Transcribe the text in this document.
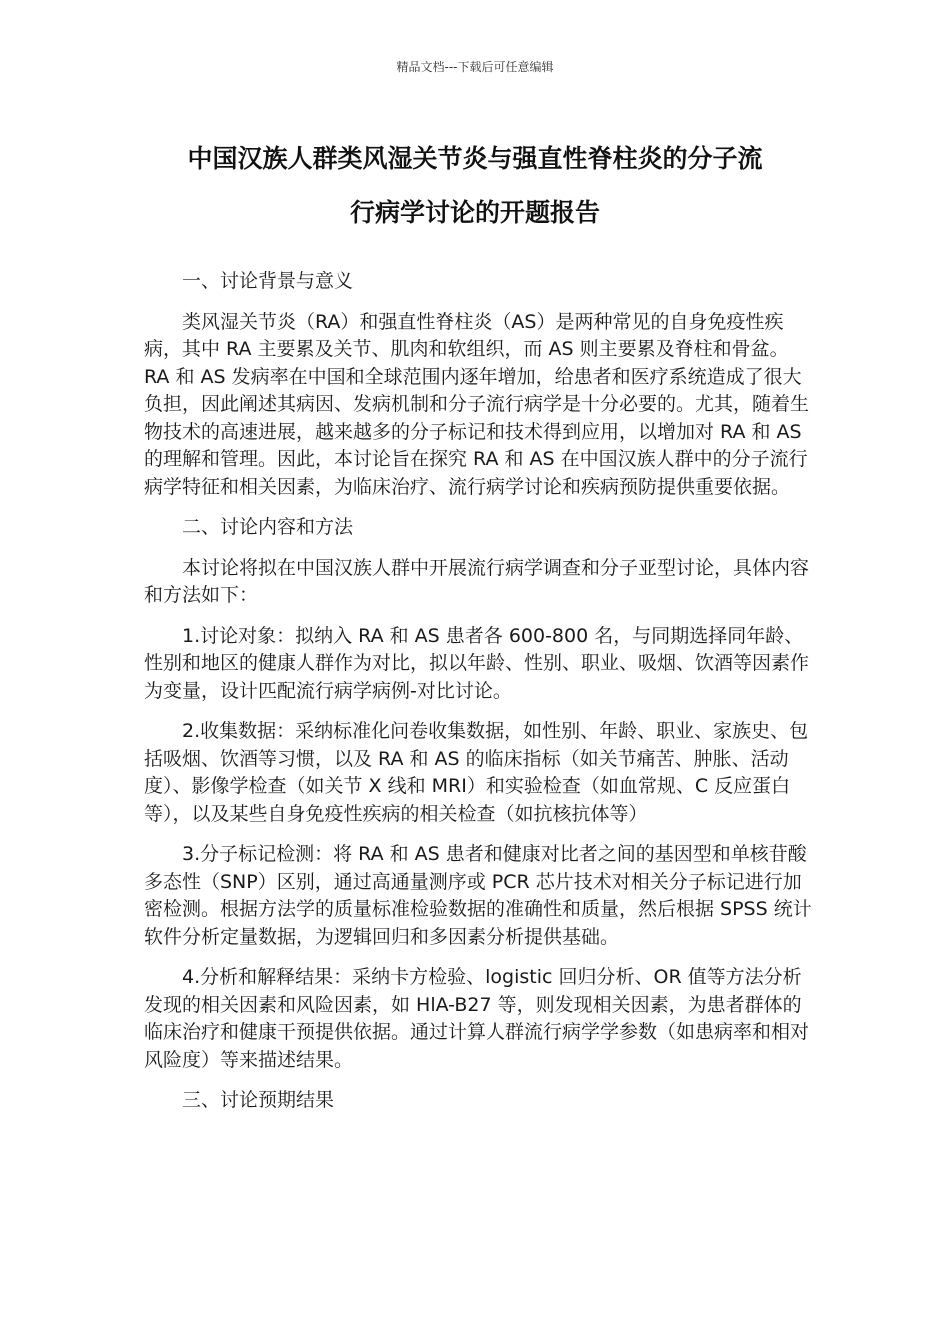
精品文档---下载后可任意编辑
中国汉族人群类风湿关节炎与强直性脊柱炎的分子流
行病学讨论的开题报告

一、讨论背景与意义

类风湿关节炎（RA）和强直性脊柱炎（AS）是两种常见的自身免疫性疾病，其中 RA 主要累及关节、肌肉和软组织，而 AS 则主要累及脊柱和骨盆。RA 和 AS 发病率在中国和全球范围内逐年增加，给患者和医疗系统造成了很大负担，因此阐述其病因、发病机制和分子流行病学是十分必要的。尤其，随着生物技术的高速进展，越来越多的分子标记和技术得到应用，以增加对 RA 和 AS 的理解和管理。因此，本讨论旨在探究 RA 和 AS 在中国汉族人群中的分子流行病学特征和相关因素，为临床治疗、流行病学讨论和疾病预防提供重要依据。

二、讨论内容和方法

本讨论将拟在中国汉族人群中开展流行病学调查和分子亚型讨论，具体内容和方法如下：

1.讨论对象：拟纳入 RA 和 AS 患者各 600-800 名，与同期选择同年龄、性别和地区的健康人群作为对比，拟以年龄、性别、职业、吸烟、饮酒等因素作为变量，设计匹配流行病学病例-对比讨论。

2.收集数据：采纳标准化问卷收集数据，如性别、年龄、职业、家族史、包括吸烟、饮酒等习惯，以及 RA 和 AS 的临床指标（如关节痛苦、肿胀、活动度）、影像学检查（如关节 X 线和 MRI）和实验检查（如血常规、C 反应蛋白等），以及某些自身免疫性疾病的相关检查（如抗核抗体等）

3.分子标记检测：将 RA 和 AS 患者和健康对比者之间的基因型和单核苷酸多态性（SNP）区别，通过高通量测序或 PCR 芯片技术对相关分子标记进行加密检测。根据方法学的质量标准检验数据的准确性和质量，然后根据 SPSS 统计软件分析定量数据，为逻辑回归和多因素分析提供基础。

4.分析和解释结果：采纳卡方检验、logistic 回归分析、OR 值等方法分析发现的相关因素和风险因素，如 HlA-B27 等，则发现相关因素，为患者群体的临床治疗和健康干预提供依据。通过计算人群流行病学学参数（如患病率和相对风险度）等来描述结果。

三、讨论预期结果
